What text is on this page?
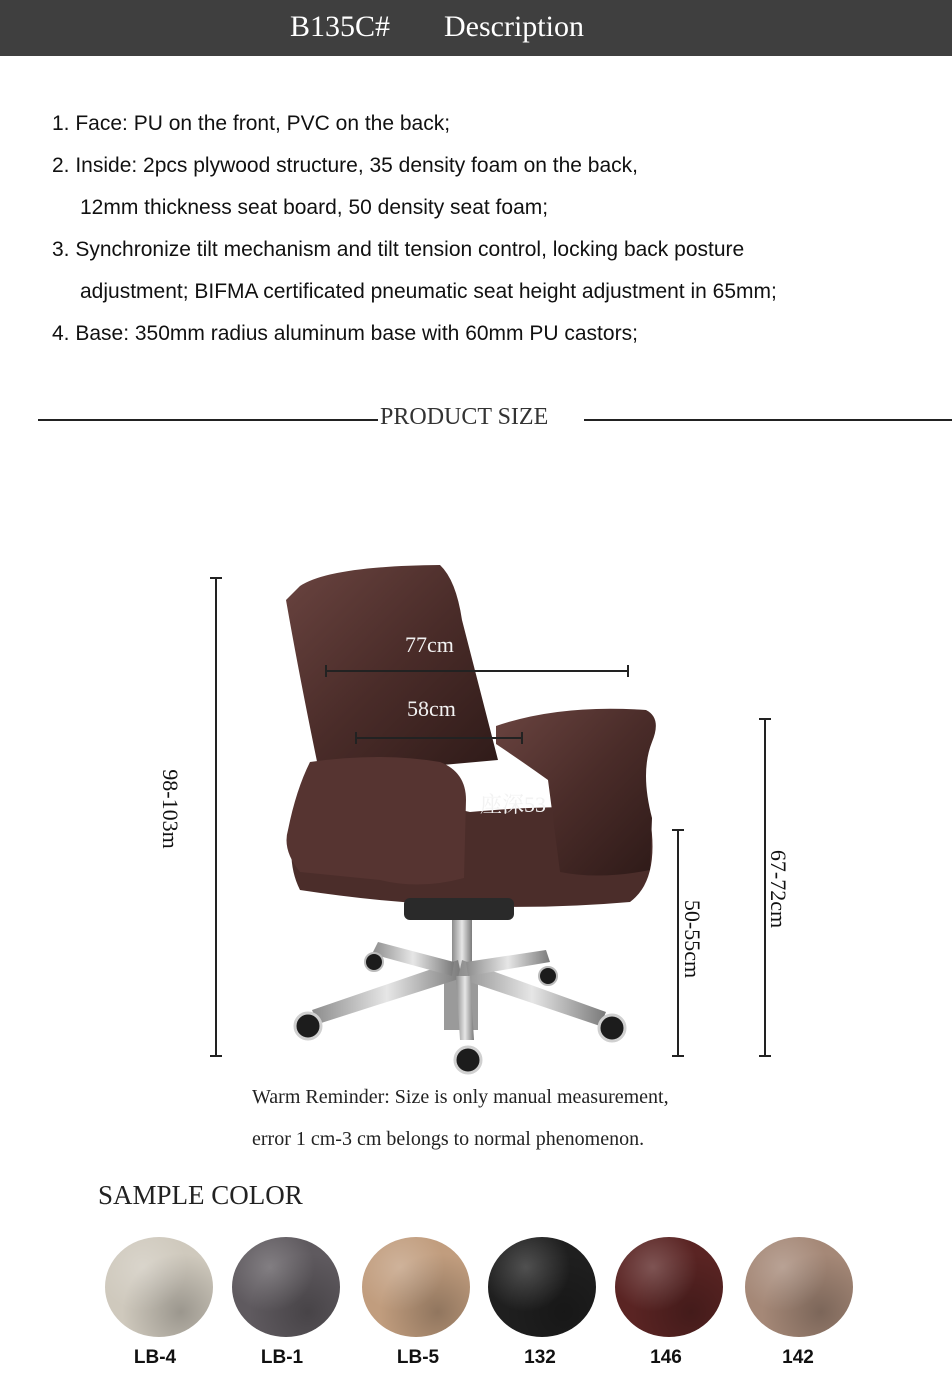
B135C# Description
1. Face: PU on the front, PVC on the back;
2. Inside: 2pcs plywood structure, 35 density foam on the back,
12mm thickness seat board, 50 density seat foam;
3. Synchronize tilt mechanism and tilt tension control, locking back posture
adjustment; BIFMA certificated pneumatic seat height adjustment in 65mm;
4. Base: 350mm radius aluminum base with 60mm PU castors;
PRODUCT SIZE
77cm
58cm
座深53
98-103m
50-55cm
67-72cm
Warm Reminder: Size is only manual measurement,
error 1 cm-3 cm belongs to normal phenomenon.
SAMPLE COLOR
LB-4	LB-1	LB-5	132	146	142
